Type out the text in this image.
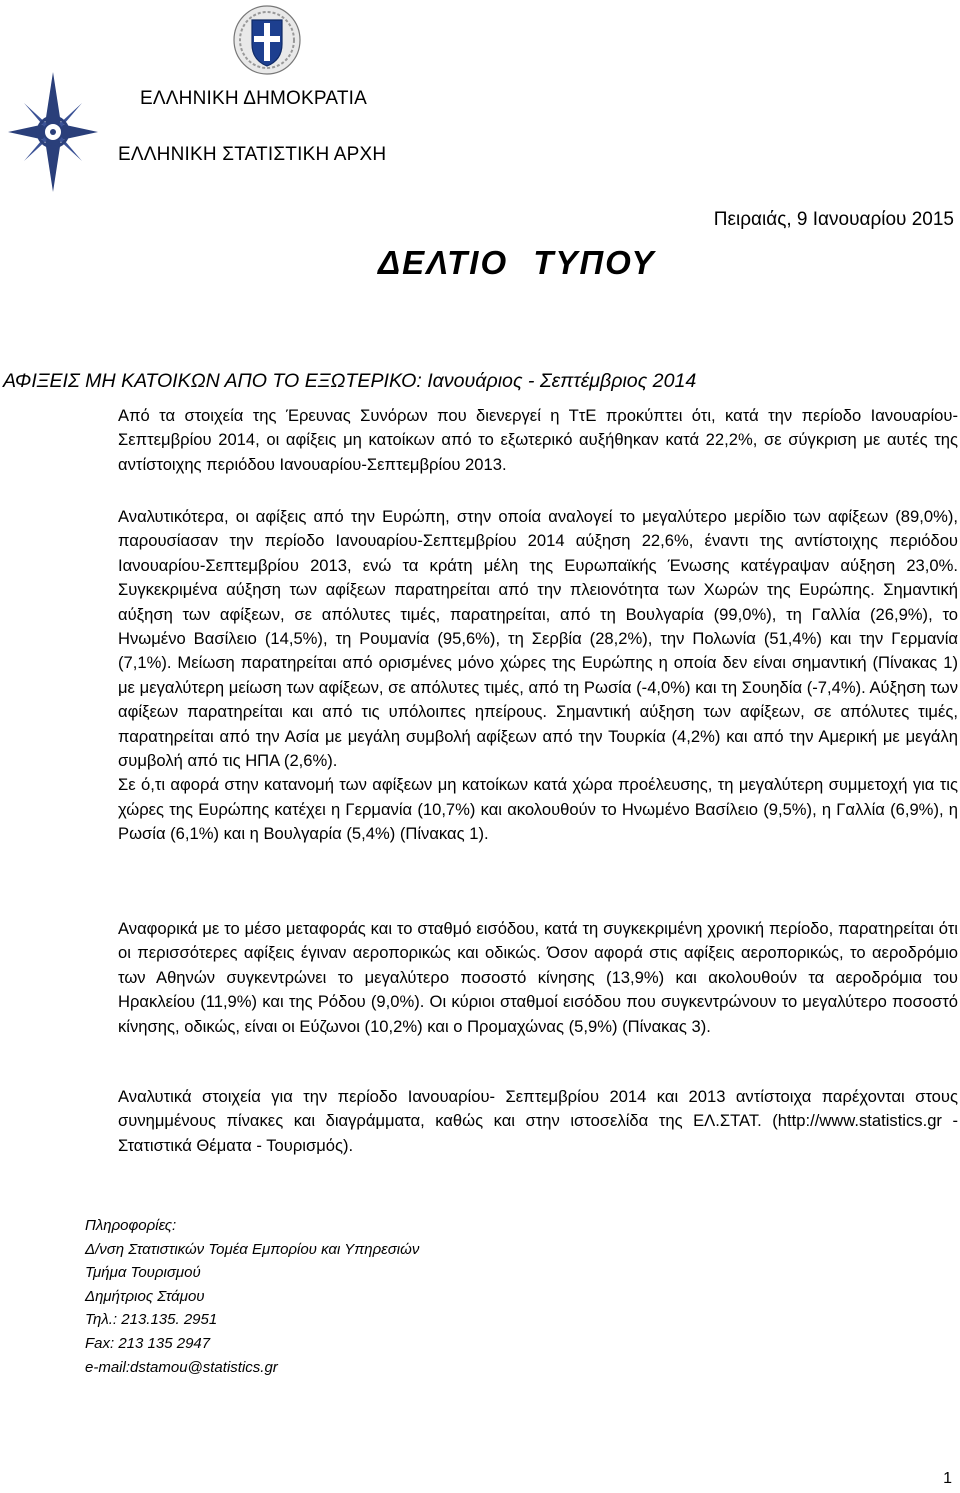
ΕΛΛΗΝΙΚΗ ΔΗΜΟΚΡΑΤΙΑ
ΕΛΛΗΝΙΚΗ ΣΤΑΤΙΣΤΙΚΗ ΑΡΧΗ
Πειραιάς, 9 Ιανουαρίου 2015
ΔΕΛΤΙΟ ΤΥΠΟΥ
ΑΦΙΞΕΙΣ ΜΗ ΚΑΤΟΙΚΩΝ ΑΠΟ ΤΟ ΕΞΩΤΕΡΙΚΟ: Ιανουάριος - Σεπτέμβριος 2014

Από τα στοιχεία της Έρευνας Συνόρων που διενεργεί η ΤτΕ προκύπτει ότι, κατά την περίοδο Ιανουαρίου-Σεπτεμβρίου 2014, οι αφίξεις μη κατοίκων από το εξωτερικό αυξήθηκαν κατά 22,2%, σε σύγκριση με αυτές της αντίστοιχης περιόδου Ιανουαρίου-Σεπτεμβρίου 2013.

Αναλυτικότερα, οι αφίξεις από την Ευρώπη, στην οποία αναλογεί το μεγαλύτερο μερίδιο των αφίξεων (89,0%), παρουσίασαν την περίοδο Ιανουαρίου-Σεπτεμβρίου 2014 αύξηση 22,6%, έναντι της αντίστοιχης περιόδου Ιανουαρίου-Σεπτεμβρίου 2013, ενώ τα κράτη μέλη της Ευρωπαϊκής Ένωσης κατέγραψαν αύξηση 23,0%. Συγκεκριμένα αύξηση των αφίξεων παρατηρείται από την πλειονότητα των Χωρών της Ευρώπης. Σημαντική αύξηση των αφίξεων, σε απόλυτες τιμές, παρατηρείται, από τη Βουλγαρία (99,0%), τη Γαλλία (26,9%), το Ηνωμένο Βασίλειο (14,5%), τη Ρουμανία (95,6%), τη Σερβία (28,2%), την Πολωνία (51,4%) και την Γερμανία (7,1%). Μείωση παρατηρείται από ορισμένες μόνο χώρες της Ευρώπης η οποία δεν είναι σημαντική (Πίνακας 1) με μεγαλύτερη μείωση των αφίξεων, σε απόλυτες τιμές, από τη Ρωσία (-4,0%) και τη Σουηδία (-7,4%). Αύξηση των αφίξεων παρατηρείται και από τις υπόλοιπες ηπείρους. Σημαντική αύξηση των αφίξεων, σε απόλυτες τιμές, παρατηρείται από την Ασία με μεγάλη συμβολή αφίξεων από την Τουρκία (4,2%) και από την Αμερική με μεγάλη συμβολή από τις ΗΠΑ (2,6%).

Σε ό,τι αφορά στην κατανομή των αφίξεων μη κατοίκων κατά χώρα προέλευσης, τη μεγαλύτερη συμμετοχή για τις χώρες της Ευρώπης κατέχει η Γερμανία (10,7%) και ακολουθούν το Ηνωμένο Βασίλειο (9,5%), η Γαλλία (6,9%), η Ρωσία (6,1%) και η Βουλγαρία (5,4%) (Πίνακας 1).

Αναφορικά με το μέσο μεταφοράς και το σταθμό εισόδου, κατά τη συγκεκριμένη χρονική περίοδο, παρατηρείται ότι οι περισσότερες αφίξεις έγιναν αεροπορικώς και οδικώς. Όσον αφορά στις αφίξεις αεροπορικώς, το αεροδρόμιο των Αθηνών συγκεντρώνει το μεγαλύτερο ποσοστό κίνησης (13,9%) και ακολουθούν τα αεροδρόμια του Ηρακλείου (11,9%) και της Ρόδου (9,0%). Οι κύριοι σταθμοί εισόδου που συγκεντρώνουν το μεγαλύτερο ποσοστό κίνησης, οδικώς, είναι οι Εύζωνοι (10,2%) και ο Προμαχώνας (5,9%) (Πίνακας 3).

Αναλυτικά στοιχεία για την περίοδο Ιανουαρίου- Σεπτεμβρίου 2014 και 2013 αντίστοιχα παρέχονται στους συνημμένους πίνακες και διαγράμματα, καθώς και στην ιστοσελίδα της ΕΛ.ΣΤΑΤ. (http://www.statistics.gr - Στατιστικά Θέματα - Τουρισμός).

Πληροφορίες:
Δ/νση Στατιστικών Τομέα Εμπορίου και Υπηρεσιών
Τμήμα Τουρισμού
Δημήτριος Στάμου
Τηλ.: 213.135. 2951
Fax: 213 135 2947
e-mail:dstamou@statistics.gr
1
